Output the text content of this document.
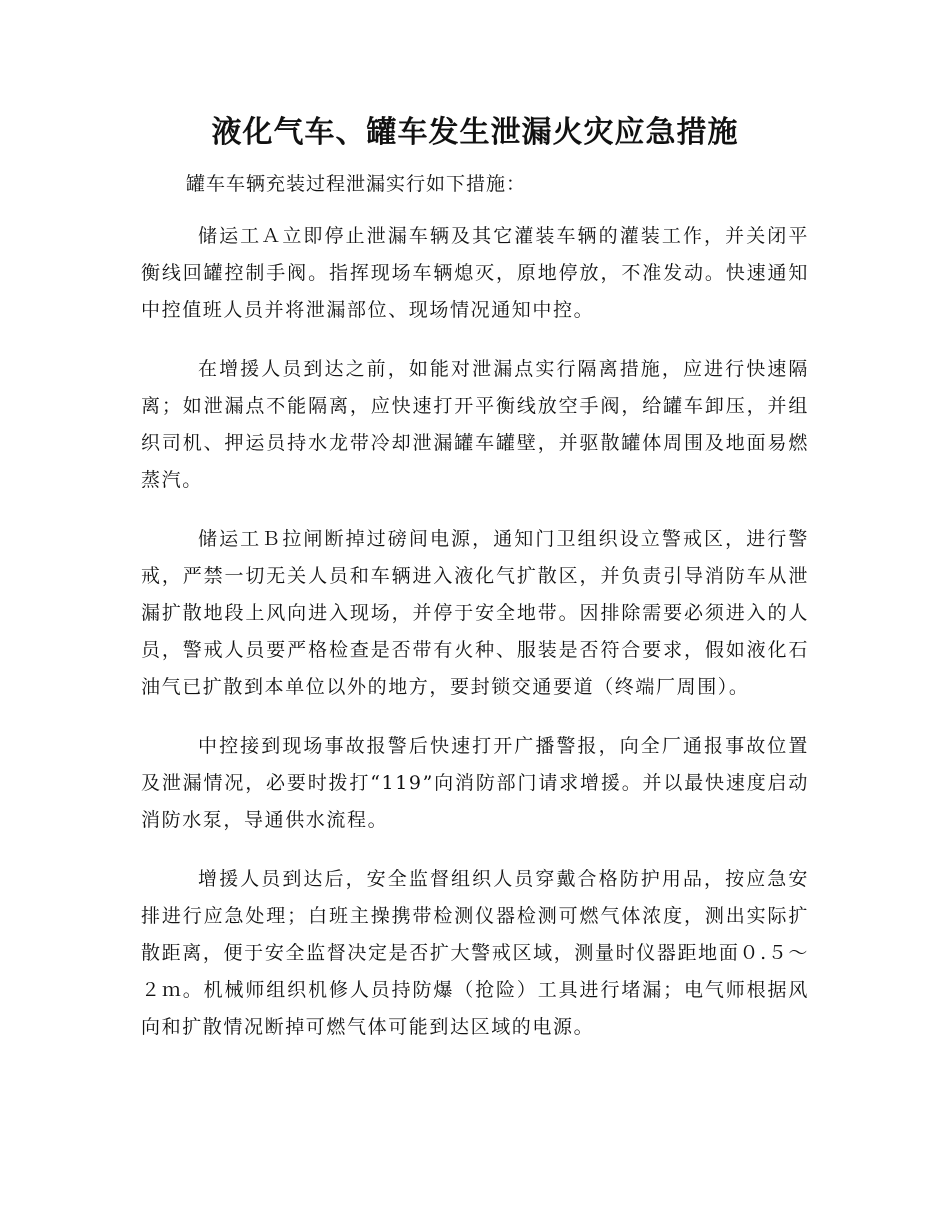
液化气车、罐车发生泄漏火灾应急措施

罐车车辆充装过程泄漏实行如下措施：

储运工Ａ立即停止泄漏车辆及其它灌装车辆的灌装工作，并关闭平衡线回罐控制手阀。指挥现场车辆熄灭，原地停放，不准发动。快速通知中控值班人员并将泄漏部位、现场情况通知中控。

在增援人员到达之前，如能对泄漏点实行隔离措施，应进行快速隔离；如泄漏点不能隔离，应快速打开平衡线放空手阀，给罐车卸压，并组织司机、押运员持水龙带冷却泄漏罐车罐壁，并驱散罐体周围及地面易燃蒸汽。

储运工Ｂ拉闸断掉过磅间电源，通知门卫组织设立警戒区，进行警戒，严禁一切无关人员和车辆进入液化气扩散区，并负责引导消防车从泄漏扩散地段上风向进入现场，并停于安全地带。因排除需要必须进入的人员，警戒人员要严格检查是否带有火种、服装是否符合要求，假如液化石油气已扩散到本单位以外的地方，要封锁交通要道（终端厂周围）。

中控接到现场事故报警后快速打开广播警报，向全厂通报事故位置及泄漏情况，必要时拨打“119”向消防部门请求增援。并以最快速度启动消防水泵，导通供水流程。

增援人员到达后，安全监督组织人员穿戴合格防护用品，按应急安排进行应急处理；白班主操携带检测仪器检测可燃气体浓度，测出实际扩散距离，便于安全监督决定是否扩大警戒区域，测量时仪器距地面０.５～２ｍ。机械师组织机修人员持防爆（抢险）工具进行堵漏；电气师根据风向和扩散情况断掉可燃气体可能到达区域的电源。
